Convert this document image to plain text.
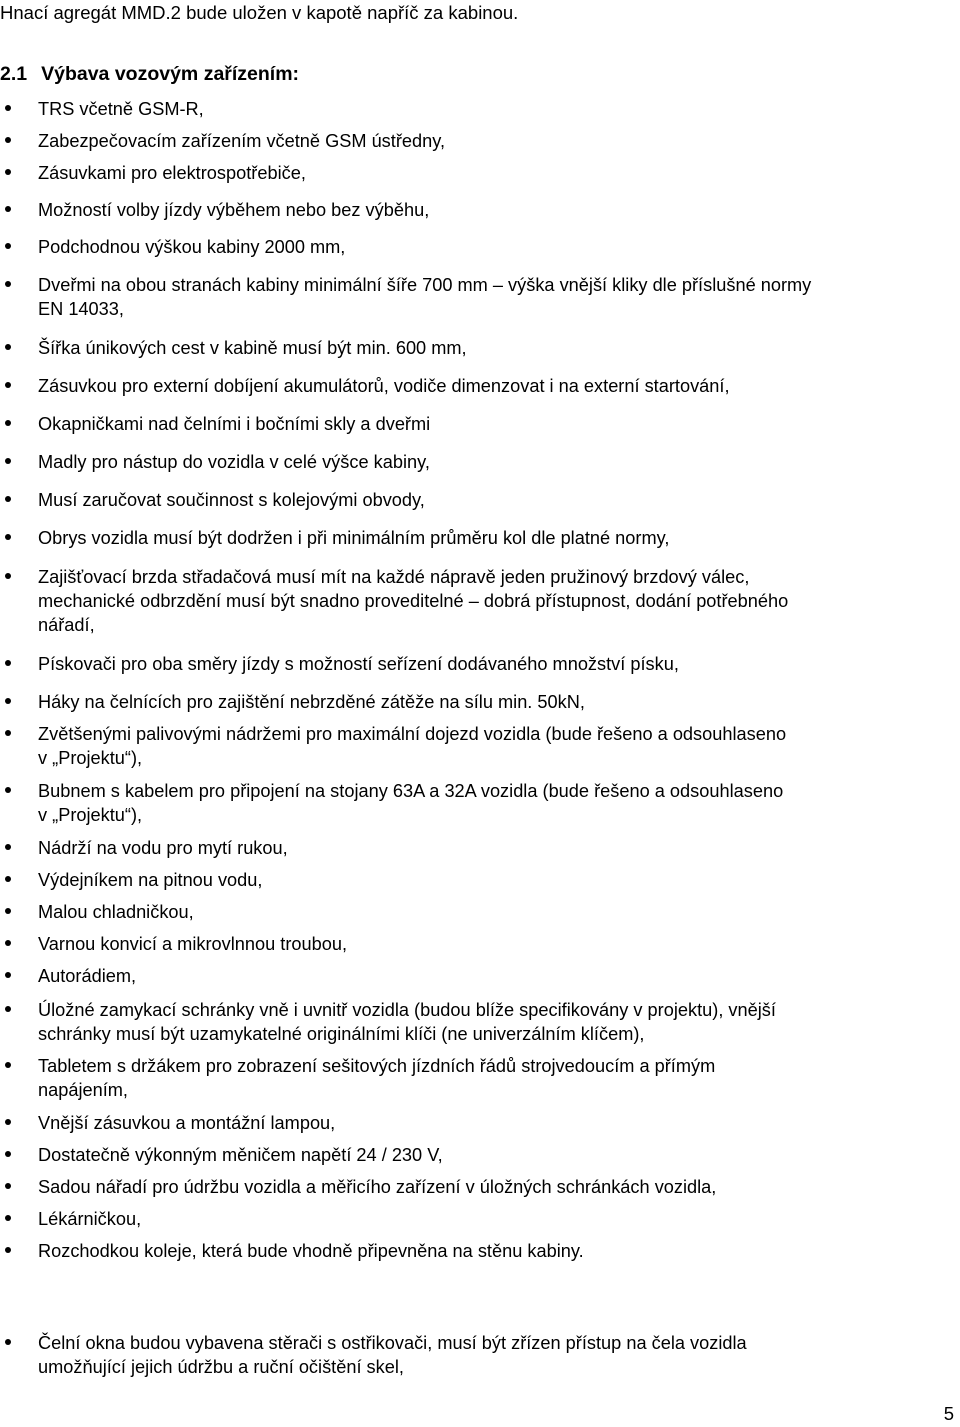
Hnací agregát MMD.2 bude uložen v kapotě napříč za kabinou.
2.1 Výbava vozovým zařízením:
TRS včetně GSM-R,
Zabezpečovacím zařízením včetně GSM ústředny,
Zásuvkami pro elektrospotřebiče,
Možností volby jízdy výběhem nebo bez výběhu,
Podchodnou výškou kabiny 2000 mm,
Dveřmi na obou stranách kabiny minimální šíře 700 mm – výška vnější kliky dle příslušné normy
EN 14033,
Šířka únikových cest v kabině musí být min. 600 mm,
Zásuvkou pro externí dobíjení akumulátorů, vodiče dimenzovat i na externí startování,
Okapničkami nad čelními i bočními skly a dveřmi
Madly pro nástup do vozidla v celé výšce kabiny,
Musí zaručovat součinnost s kolejovými obvody,
Obrys vozidla musí být dodržen i při minimálním průměru kol dle platné normy,
Zajišťovací brzda střadačová musí mít na každé nápravě jeden pružinový brzdový válec,
mechanické odbrzdění musí být snadno proveditelné – dobrá přístupnost, dodání potřebného
nářadí,
Pískovači pro oba směry jízdy s možností seřízení dodávaného množství písku,
Háky na čelnících pro zajištění nebrzděné zátěže na sílu min. 50kN,
Zvětšenými palivovými nádržemi pro maximální dojezd vozidla (bude řešeno a odsouhlaseno
v „Projektu“),
Bubnem s kabelem pro připojení na stojany 63A a 32A vozidla (bude řešeno a odsouhlaseno
v „Projektu“),
Nádrží na vodu pro mytí rukou,
Výdejníkem na pitnou vodu,
Malou chladničkou,
Varnou konvicí a mikrovlnnou troubou,
Autorádiem,
Úložné zamykací schránky vně i uvnitř vozidla (budou blíže specifikovány v projektu), vnější
schránky musí být uzamykatelné originálními klíči (ne univerzálním klíčem),
Tabletem s držákem pro zobrazení sešitových jízdních řádů strojvedoucím a přímým
napájením,
Vnější zásuvkou a montážní lampou,
Dostatečně výkonným měničem napětí 24 / 230 V,
Sadou nářadí pro údržbu vozidla a měřicího zařízení v úložných schránkách vozidla,
Lékárničkou,
Rozchodkou koleje, která bude vhodně připevněna na stěnu kabiny.
Čelní okna budou vybavena stěrači s ostřikovači, musí být zřízen přístup na čela vozidla
umožňující jejich údržbu a ruční očištění skel,
5
